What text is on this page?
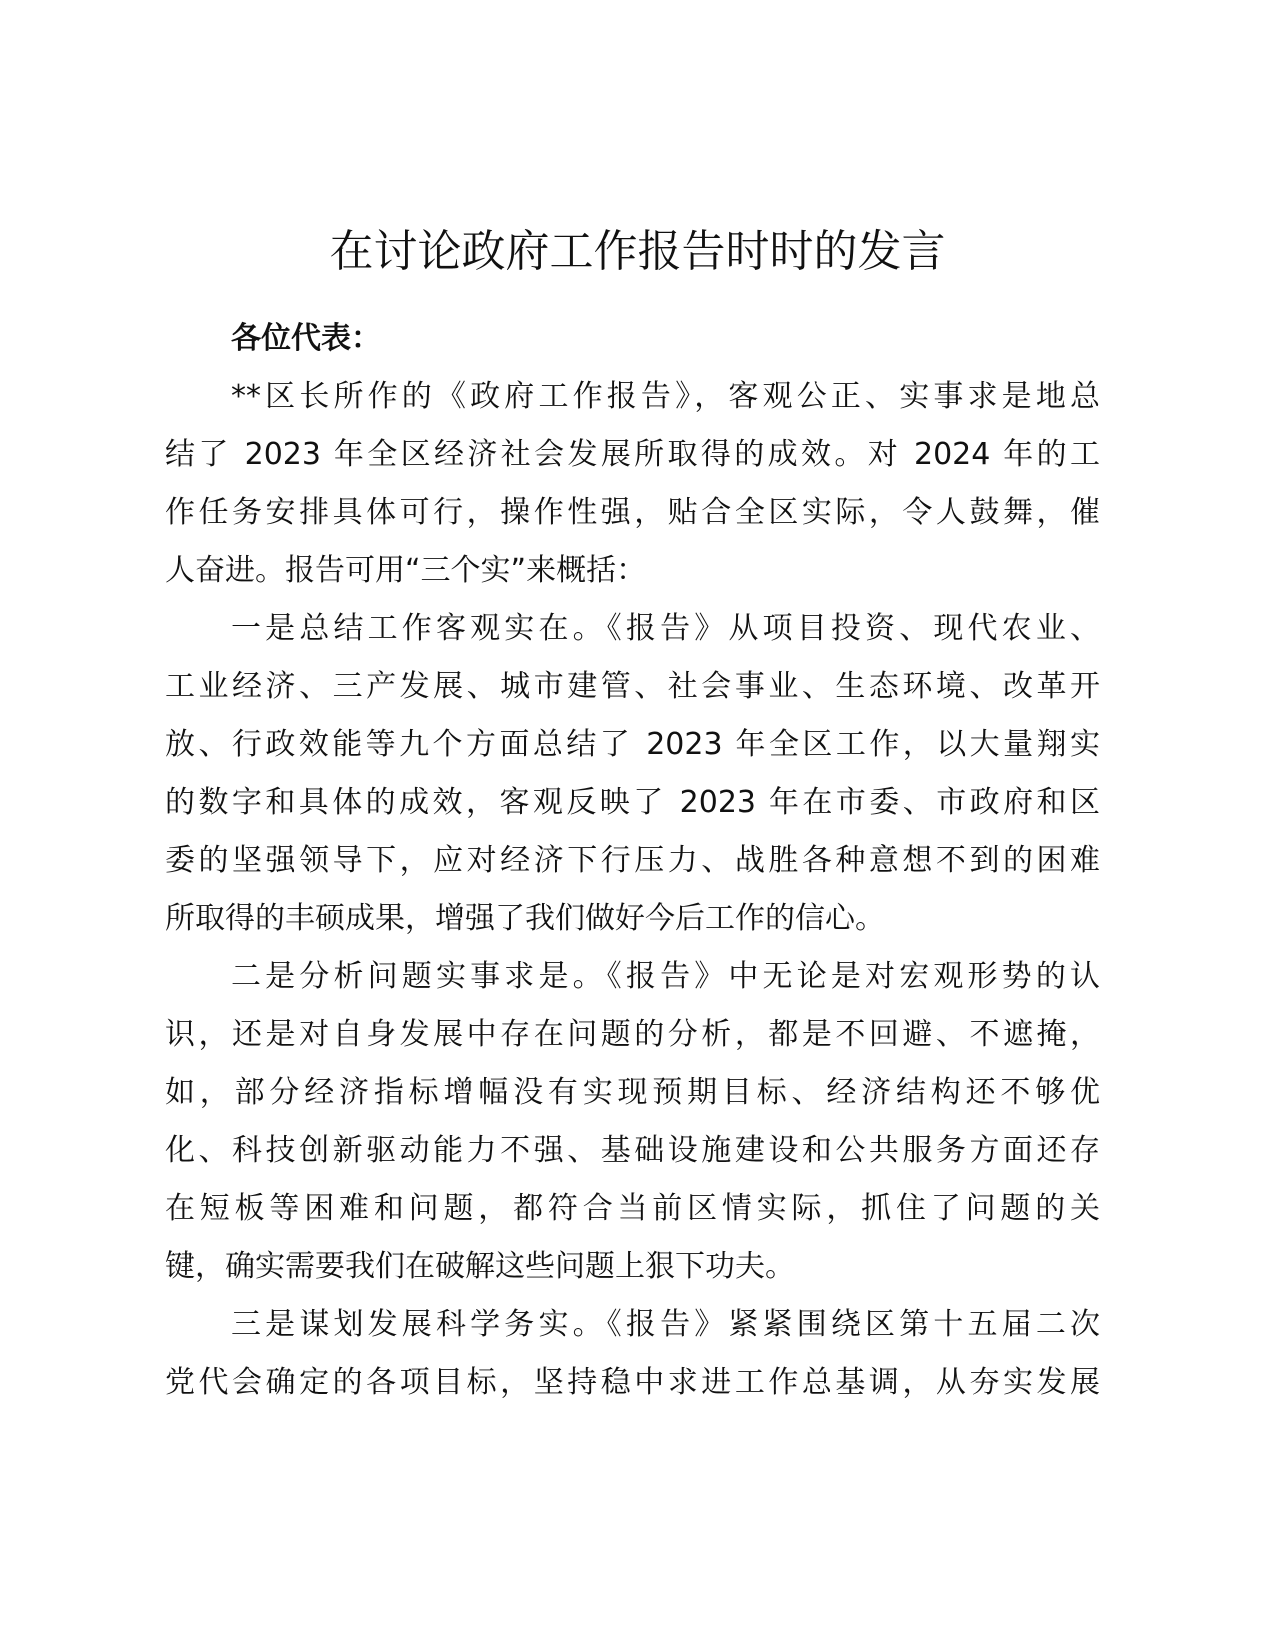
在讨论政府工作报告时时的发言
各位代表：
**区长所作的《政府工作报告》，客观公正、实事求是地总
结了 2023 年全区经济社会发展所取得的成效。对 2024 年的工
作任务安排具体可行，操作性强，贴合全区实际，令人鼓舞，催
人奋进。报告可用“三个实”来概括：
一是总结工作客观实在。《报告》从项目投资、现代农业、
工业经济、三产发展、城市建管、社会事业、生态环境、改革开
放、行政效能等九个方面总结了 2023 年全区工作，以大量翔实
的数字和具体的成效，客观反映了 2023 年在市委、市政府和区
委的坚强领导下，应对经济下行压力、战胜各种意想不到的困难
所取得的丰硕成果，增强了我们做好今后工作的信心。
二是分析问题实事求是。《报告》中无论是对宏观形势的认
识，还是对自身发展中存在问题的分析，都是不回避、不遮掩，
如，部分经济指标增幅没有实现预期目标、经济结构还不够优
化、科技创新驱动能力不强、基础设施建设和公共服务方面还存
在短板等困难和问题，都符合当前区情实际，抓住了问题的关
键，确实需要我们在破解这些问题上狠下功夫。
三是谋划发展科学务实。《报告》紧紧围绕区第十五届二次
党代会确定的各项目标，坚持稳中求进工作总基调，从夯实发展
